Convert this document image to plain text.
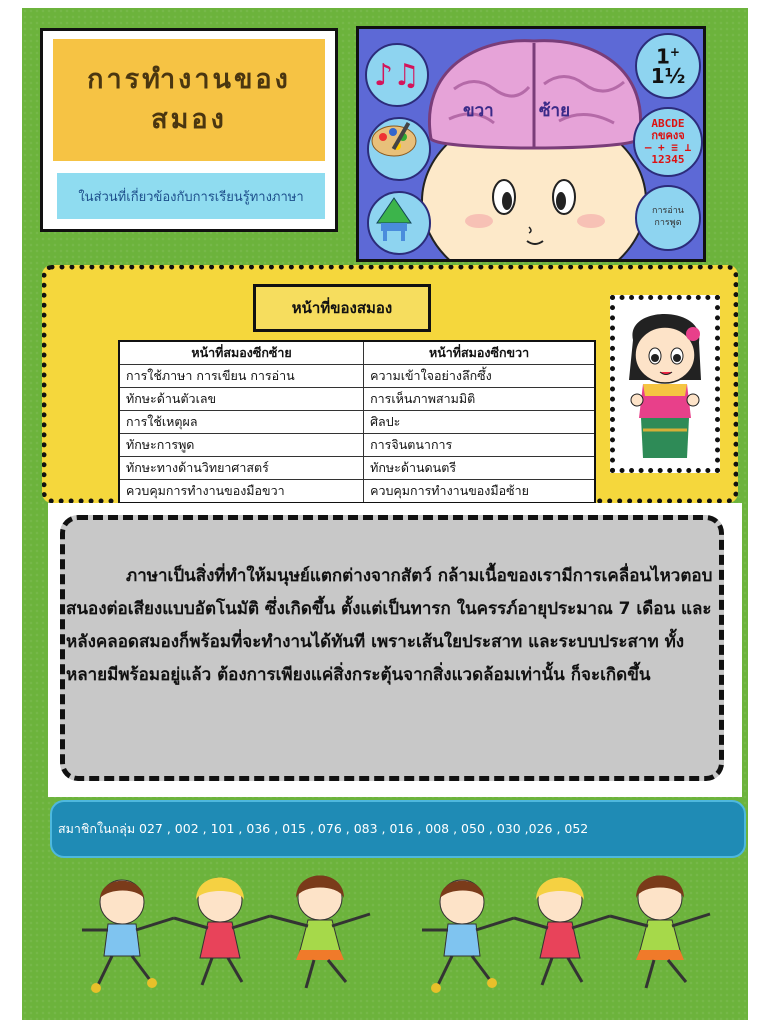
การทำงานของ
สมอง
ในส่วนที่เกี่ยวข้องกับการเรียนรู้ทางภาษา
ขวา	ซ้าย
♪♫
1+
1½
ABCDE
กขคงจ
– + ≡ ⊥
12345
การอ่าน
การพูด
หน้าที่ของสมอง
หน้าที่สมองซีกซ้าย	หน้าที่สมองซีกขวา
การใช้ภาษา การเขียน การอ่าน	ความเข้าใจอย่างลึกซึ้ง
ทักษะด้านตัวเลข	การเห็นภาพสามมิติ
การใช้เหตุผล	ศิลปะ
ทักษะการพูด	การจินตนาการ
ทักษะทางด้านวิทยาศาสตร์	ทักษะด้านดนตรี
ควบคุมการทำงานของมือขวา	ควบคุมการทำงานของมือซ้าย

ภาษาเป็นสิ่งที่ทำให้มนุษย์แตกต่างจากสัตว์ กล้ามเนื้อของเรามีการเคลื่อนไหวตอบสนองต่อเสียงแบบอัตโนมัติ ซึ่งเกิดขึ้น ตั้งแต่เป็นทารก ในครรภ์อายุประมาณ 7 เดือน และหลังคลอดสมองก็พร้อมที่จะทำงานได้ทันที เพราะเส้นใยประสาท และระบบประสาท ทั้งหลายมีพร้อมอยู่แล้ว ต้องการเพียงแค่สิ่งกระตุ้นจากสิ่งแวดล้อมเท่านั้น ก็จะเกิดขึ้น

สมาชิกในกลุ่ม 027 , 002 , 101 , 036 , 015 , 076 , 083 , 016 , 008 , 050 , 030 ,026 , 052
